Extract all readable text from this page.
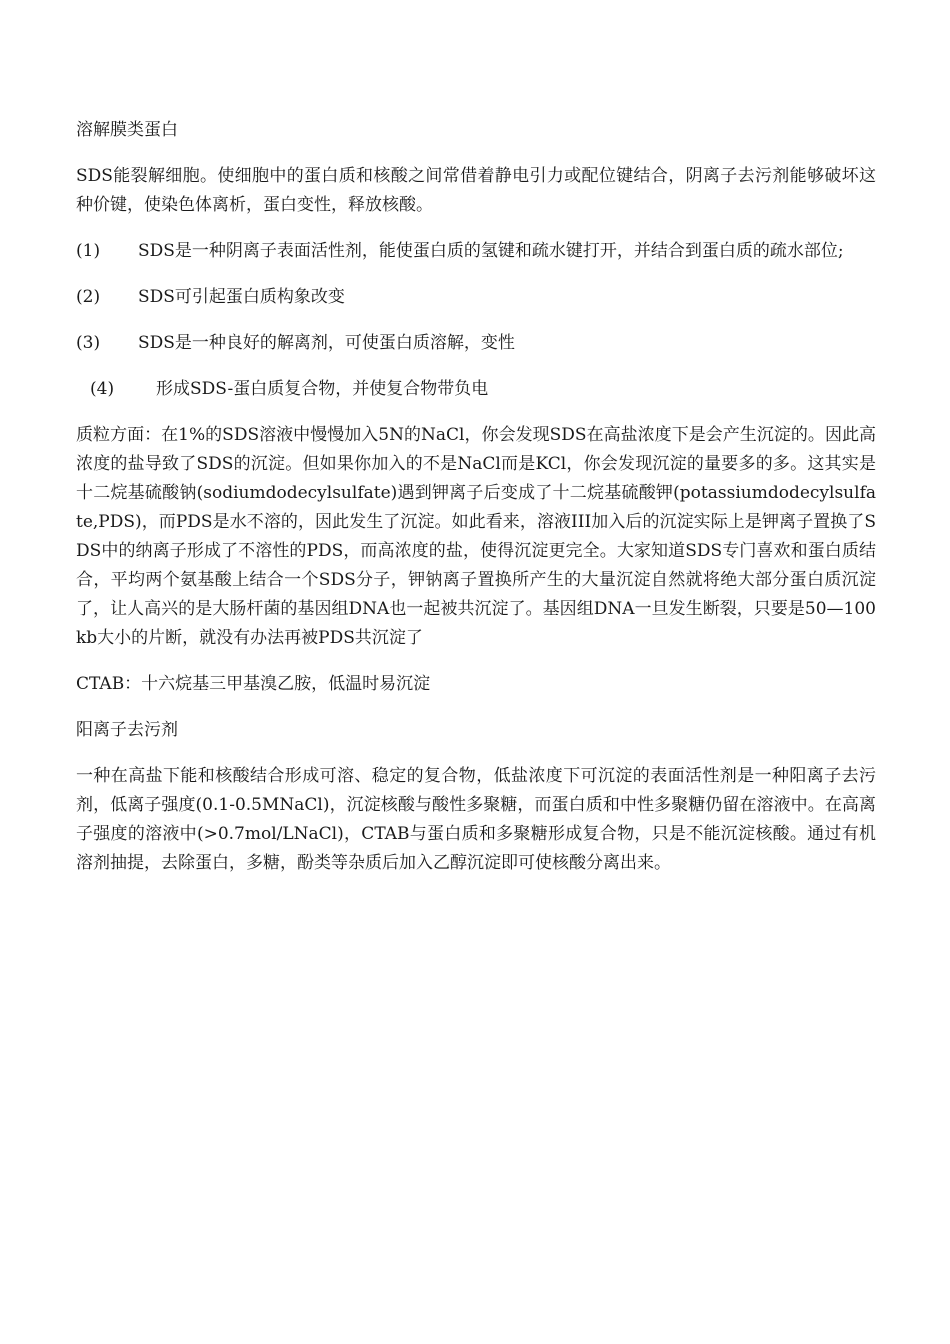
溶解膜类蛋白

SDS能裂解细胞。使细胞中的蛋白质和核酸之间常借着静电引力或配位键结合，阴离子去污剂能够破坏这种价键，使染色体离析，蛋白变性，释放核酸。

(1) SDS是一种阴离子表面活性剂，能使蛋白质的氢键和疏水键打开，并结合到蛋白质的疏水部位;
(2) SDS可引起蛋白质构象改变
(3) SDS是一种良好的解离剂，可使蛋白质溶解，变性
(4) 形成SDS-蛋白质复合物，并使复合物带负电

质粒方面：在1%的SDS溶液中慢慢加入5N的NaCl，你会发现SDS在高盐浓度下是会产生沉淀的。因此高浓度的盐导致了SDS的沉淀。但如果你加入的不是NaCl而是KCl，你会发现沉淀的量要多的多。这其实是十二烷基硫酸钠(sodiumdodecylsulfate)遇到钾离子后变成了十二烷基硫酸钾(potassiumdodecylsulfate,PDS)，而PDS是水不溶的，因此发生了沉淀。如此看来，溶液III加入后的沉淀实际上是钾离子置换了SDS中的纳离子形成了不溶性的PDS，而高浓度的盐，使得沉淀更完全。大家知道SDS专门喜欢和蛋白质结合，平均两个氨基酸上结合一个SDS分子，钾钠离子置换所产生的大量沉淀自然就将绝大部分蛋白质沉淀了，让人高兴的是大肠杆菌的基因组DNA也一起被共沉淀了。基因组DNA一旦发生断裂，只要是50—100kb大小的片断，就没有办法再被PDS共沉淀了

CTAB：十六烷基三甲基溴乙胺，低温时易沉淀

阳离子去污剂

一种在高盐下能和核酸结合形成可溶、稳定的复合物，低盐浓度下可沉淀的表面活性剂是一种阳离子去污剂，低离子强度(0.1-0.5MNaCl)，沉淀核酸与酸性多聚糖，而蛋白质和中性多聚糖仍留在溶液中。在高离子强度的溶液中(>0.7mol/LNaCl)，CTAB与蛋白质和多聚糖形成复合物，只是不能沉淀核酸。通过有机溶剂抽提，去除蛋白，多糖，酚类等杂质后加入乙醇沉淀即可使核酸分离出来。
